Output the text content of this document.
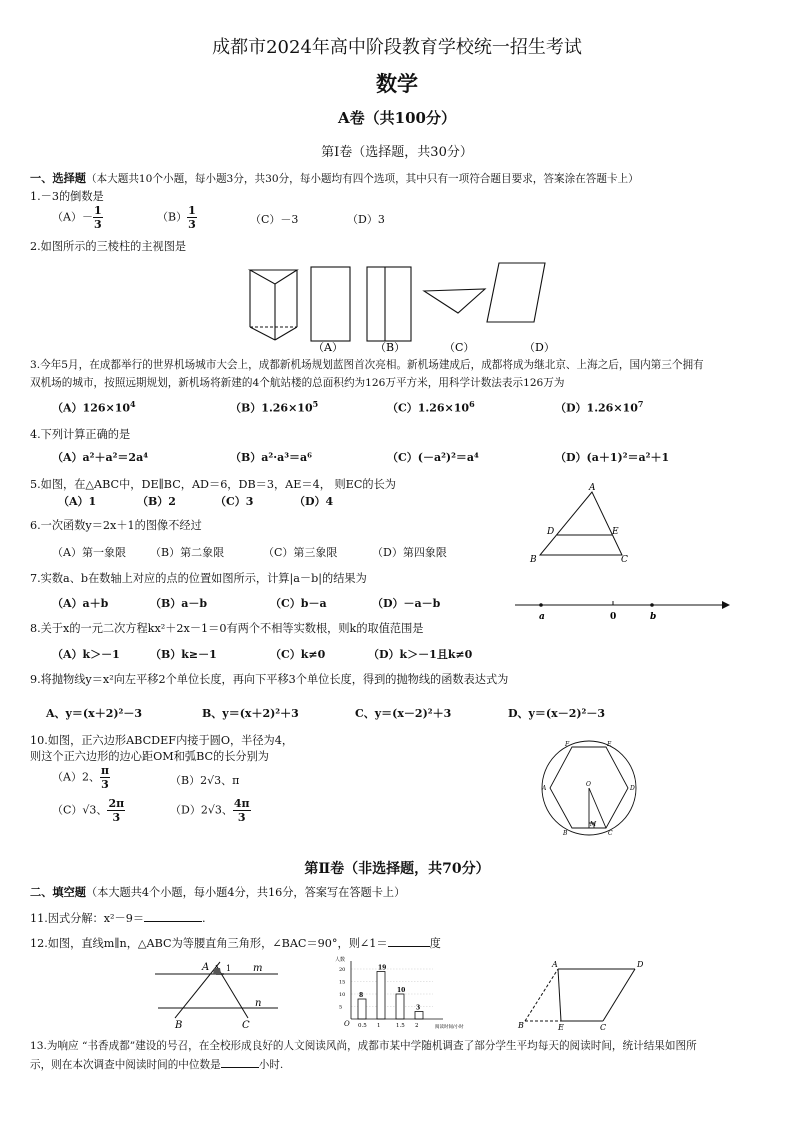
成都市2024年高中阶段教育学校统一招生考试
数学
A卷（共100分）
第Ⅰ卷（选择题，共30分）
一、选择题（本大题共10个小题，每小题3分，共30分，每小题均有四个选项，其中只有一项符合题目要求，答案涂在答题卡上）
1.－3的倒数是
$(A)- \frac{1}{3}$	$(B) \frac{1}{3}$	（C）－3	（D）3
2.如图所示的三棱柱的主视图是
（A）	（B）	（C）	（D）
3.今年5月，在成都举行的世界机场城市大会上，成都新机场规划蓝图首次亮相。新机场建成后，成都将成为继北京、上海之后，国内第三个拥有
双机场的城市，按照远期规划，新机场将新建的4个航站楼的总面积约为126万平方米，用科学计数法表示126万为
$(A)126\times 10^4$	$(B)1.26\times 10^5$	$(C)1.26\times 10^6$	$(D)1.26\times 10^7$
4.下列计算正确的是
（A）a²＋a²＝2a⁴	（B）a²·a³＝a⁶	（C）(－a²)²＝a⁴	（D）(a＋1)²＝a²＋1
5.如图，在△ABC中，DE∥BC，AD＝6，DB＝3，AE＝4， 则EC的长为
（A）1	（B）2	（C）3	（D）4
A
D	E
B	C
6.一次函数y＝2x＋1的图像不经过
（A）第一象限 （B）第二象限	（C）第三象限	（D）第四象限
7.实数a、b在数轴上对应的点的位置如图所示，计算|a－b|的结果为
（A）a＋b	（B）a－b	（C）b－a	（D）－a－b
a	0	b
8.关于x的一元二次方程kx²＋2x－1＝0有两个不相等实数根，则k的取值范围是
（A）k＞－1	（B）k≥－1	（C）k≠0	（D）k＞－1且k≠0
9.将抛物线y＝x²向左平移2个单位长度，再向下平移3个单位长度，得到的抛物线的函数表达式为
A、y＝(x＋2)²－3	B、y＝(x＋2)²＋3	C、y＝(x－2)²＋3	D、y＝(x－2)²－3
10.如图，正六边形ABCDEF内接于圆O，半径为4，
则这个正六边形的边心距OM和弧BC的长分别为
（A）2、 $\frac{\pi}{3}$	（B）2√3、π
（C）√3、 $\frac{2\pi}{3}$	（D）2√3、 $\frac{4\pi}{3}$
F	E
A	D
O
M
B	C
第Ⅱ卷（非选择题，共70分）
二、填空题（本大题共4个小题，每小题4分，共16分，答案写在答题卡上）
11.因式分解：x²－9＝	.
12.如图，直线m∥n，△ABC为等腰直角三角形，∠BAC＝90°，则∠1＝	度
A 1 m
n
B	C
5
10
15
20
8
0.5
19
1
10
1.5
3
2
人数
O	阅读时间/小时
A	D
B	E	C
13.为响应 “书香成都”建设的号召，在全校形成良好的人文阅读风尚，成都市某中学随机调查了部分学生平均每天的阅读时间，统计结果如图所
示，则在本次调查中阅读时间的中位数是	小时.
